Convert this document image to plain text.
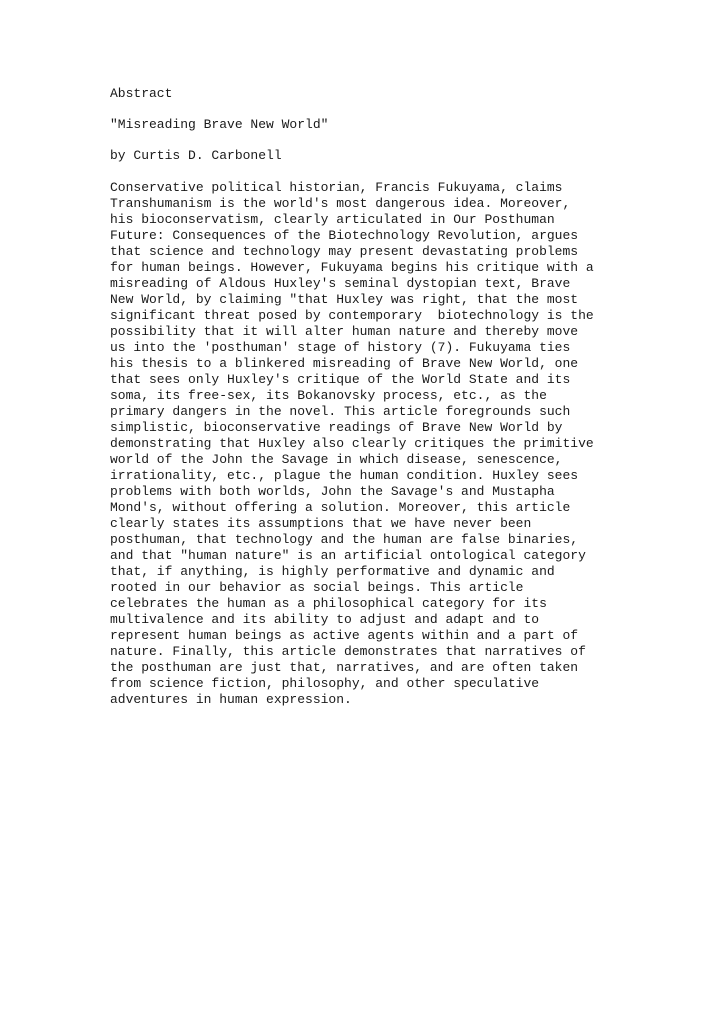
Abstract
"Misreading Brave New World"
by Curtis D. Carbonell
Conservative political historian, Francis Fukuyama, claims
Transhumanism is the world's most dangerous idea. Moreover,
his bioconservatism, clearly articulated in Our Posthuman
Future: Consequences of the Biotechnology Revolution, argues
that science and technology may present devastating problems
for human beings. However, Fukuyama begins his critique with a
misreading of Aldous Huxley's seminal dystopian text, Brave
New World, by claiming "that Huxley was right, that the most
significant threat posed by contemporary  biotechnology is the
possibility that it will alter human nature and thereby move
us into the 'posthuman' stage of history (7). Fukuyama ties
his thesis to a blinkered misreading of Brave New World, one
that sees only Huxley's critique of the World State and its
soma, its free-sex, its Bokanovsky process, etc., as the
primary dangers in the novel. This article foregrounds such
simplistic, bioconservative readings of Brave New World by
demonstrating that Huxley also clearly critiques the primitive
world of the John the Savage in which disease, senescence,
irrationality, etc., plague the human condition. Huxley sees
problems with both worlds, John the Savage's and Mustapha
Mond's, without offering a solution. Moreover, this article
clearly states its assumptions that we have never been
posthuman, that technology and the human are false binaries,
and that "human nature" is an artificial ontological category
that, if anything, is highly performative and dynamic and
rooted in our behavior as social beings. This article
celebrates the human as a philosophical category for its
multivalence and its ability to adjust and adapt and to
represent human beings as active agents within and a part of
nature. Finally, this article demonstrates that narratives of
the posthuman are just that, narratives, and are often taken
from science fiction, philosophy, and other speculative
adventures in human expression.
